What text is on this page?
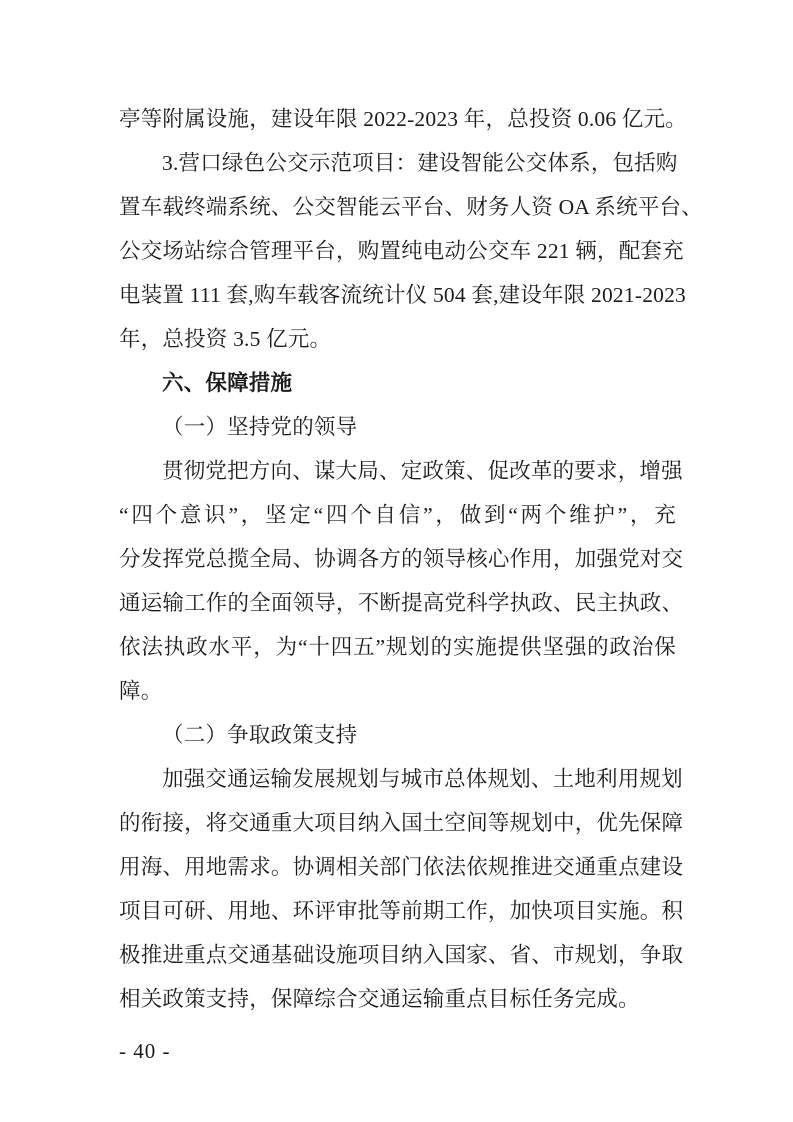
亭等附属设施，建设年限 2022-2023 年，总投资 0.06 亿元。
3.营口绿色公交示范项目：建设智能公交体系，包括购
置车载终端系统、公交智能云平台、财务人资 OA 系统平台、
公交场站综合管理平台，购置纯电动公交车 221 辆，配套充
电装置 111 套,购车载客流统计仪 504 套,建设年限 2021-2023
年，总投资 3.5 亿元。
六、保障措施
（一）坚持党的领导
贯彻党把方向、谋大局、定政策、促改革的要求，增强
“四个意识”，坚定“四个自信”，做到“两个维护”，充
分发挥党总揽全局、协调各方的领导核心作用，加强党对交
通运输工作的全面领导，不断提高党科学执政、民主执政、
依法执政水平，为“十四五”规划的实施提供坚强的政治保
障。
（二）争取政策支持
加强交通运输发展规划与城市总体规划、土地利用规划
的衔接，将交通重大项目纳入国土空间等规划中，优先保障
用海、用地需求。协调相关部门依法依规推进交通重点建设
项目可研、用地、环评审批等前期工作，加快项目实施。积
极推进重点交通基础设施项目纳入国家、省、市规划，争取
相关政策支持，保障综合交通运输重点目标任务完成。
- 40 -
